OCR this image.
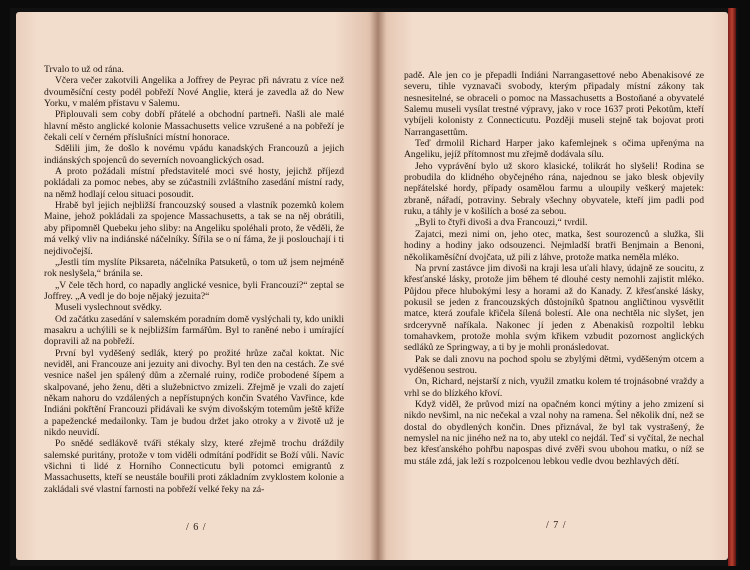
Trvalo to už od rána.

Včera večer zakotvili Angelika a Joffrey de Peyrac při návratu z více než dvouměsíční cesty podél pobřeží Nové Anglie, která je zavedla až do New Yorku, v malém přístavu v Salemu.

Připlouvali sem coby dobří přátelé a obchodní partneři. Našli ale malé hlavní město anglické kolonie Massachusetts velice vzrušené a na pobřeží je čekali celí v černém příslušníci místní honorace.

Sdělili jim, že došlo k novému vpádu kanadských Francouzů a jejich indiánských spojenců do severních novoanglických osad.

A proto požádali místní představitelé moci své hosty, jejichž příjezd pokládali za pomoc nebes, aby se zúčastnili zvláštního zasedání místní rady, na němž hodlají celou situaci posoudit.

Hrabě byl jejich nejbližší francouzský soused a vlastník pozemků kolem Maine, jehož pokládali za spojence Massachusetts, a tak se na něj obrátili, aby připomněl Quebeku jeho sliby: na Angeliku spoléhali proto, že věděli, že má velký vliv na indiánské náčelníky. Šířila se o ní fáma, že ji poslouchají i ti nejdivočejší.

„Jestli tím myslíte Piksareta, náčelníka Patsuketů, o tom už jsem nejméně rok neslyšela,“ bránila se.

„V čele těch hord, co napadly anglické vesnice, byli Francouzi?“ zeptal se Joffrey. „A vedl je do boje nějaký jezuita?“

Museli vyslechnout svědky.

Od začátku zasedání v salemském poradním domě vyslýchali ty, kdo unikli masakru a uchýlili se k nejbližším farmářům. Byl to raněné nebo i umírající dopravili až na pobřeží.

První byl vyděšený sedlák, který po prožité hrůze začal koktat. Nic neviděl, ani Francouze ani jezuity ani divochy. Byl ten den na cestách. Ze své vesnice našel jen spálený dům a zčernalé ruiny, rodiče probodené šípem a skalpované, jeho ženu, děti a služebnictvo zmizeli. Zřejmě je vzali do zajetí někam nahoru do vzdálených a nepřístupných končin Svatého Vavřince, kde Indiáni pokřtění Francouzi přidávali ke svým divošským totemům ještě kříže a papežencké medailonky. Tam je budou držet jako otroky a v životě už je nikdo neuvidí.

Po snědé sedlákově tváři stékaly slzy, které zřejmě trochu dráždily salemské puritány, protože v tom viděli odmítání podřídit se Boží vůli. Navíc všichni ti lidé z Horního Connecticutu byli potomci emigrantů z Massachusetts, kteří se neustále bouřili proti základním zvyklostem kolonie a zakládali své vlastní farnosti na pobřeží velké řeky na zá-

/ 6 /

padě. Ale jen co je přepadli Indiáni Narrangasettové nebo Abenakisové ze severu, tihle vyznavači svobody, kterým připadaly místní zákony tak nesnesitelné, se obraceli o pomoc na Massachusetts a Bostoňané a obyvatelé Salemu museli vysílat trestné výpravy, jako v roce 1637 proti Pekotům, kteří vybíjeli kolonisty z Connecticutu. Později museli stejně tak bojovat proti Narrangasettům.

Teď drmolil Richard Harper jako kafemlejnek s očima upřenýma na Angeliku, jejíž přítomnost mu zřejmě dodávala sílu.

Jeho vyprávění bylo už skoro klasické, tolikrát ho slyšeli! Rodina se probudila do klidného obyčejného rána, najednou se jako blesk objevily nepřátelské hordy, případy osamělou farmu a uloupily veškerý majetek: zbraně, nářadí, potraviny. Sebraly všechny obyvatele, kteří jim padli pod ruku, a táhly je v košilích a bosé za sebou.

„Byli to čtyři divoši a dva Francouzi,“ tvrdil.

Zajatci, mezi nimi on, jeho otec, matka, šest sourozenců a služka, šli hodiny a hodiny jako odsouzenci. Nejmladší bratři Benjmain a Benoni, několikaměsíční dvojčata, už pili z láhve, protože matka neměla mléko.

Na první zastávce jim divoši na kraji lesa uťali hlavy, údajně ze soucitu, z křesťanské lásky, protože jim během té dlouhé cesty nemohli zajistit mléko. Půjdou přece hlubokými lesy a horami až do Kanady. Z křesťanské lásky, pokusil se jeden z francouzských důstojníků špatnou angličtinou vysvětlit matce, která zoufale křičela šílená bolestí. Ale ona nechtěla nic slyšet, jen srdceryvně naříkala. Nakonec jí jeden z Abenakisů rozpoltil lebku tomahavkem, protože mohla svým křikem vzbudit pozornost anglických sedláků ze Springway, a ti by je mohli pronásledovat.

Pak se dali znovu na pochod spolu se zbylými dětmi, vyděšeným otcem a vyděšenou sestrou.

On, Richard, nejstarší z nich, využil zmatku kolem té trojnásobné vraždy a vrhl se do blízkého křoví.

Když viděl, že průvod mizí na opačném konci mýtiny a jeho zmizení si nikdo nevšiml, na nic nečekal a vzal nohy na ramena. Šel několik dní, než se dostal do obydlených končin. Dnes přiznával, že byl tak vystrašený, že nemyslel na nic jiného než na to, aby utekl co nejdál. Teď si vyčítal, že nechal bez křesťanského pohřbu napospas divé zvěři svou ubohou matku, o níž se mu stále zdá, jak leží s rozpolcenou lebkou vedle dvou bezhlavých dětí.

/ 7 /
